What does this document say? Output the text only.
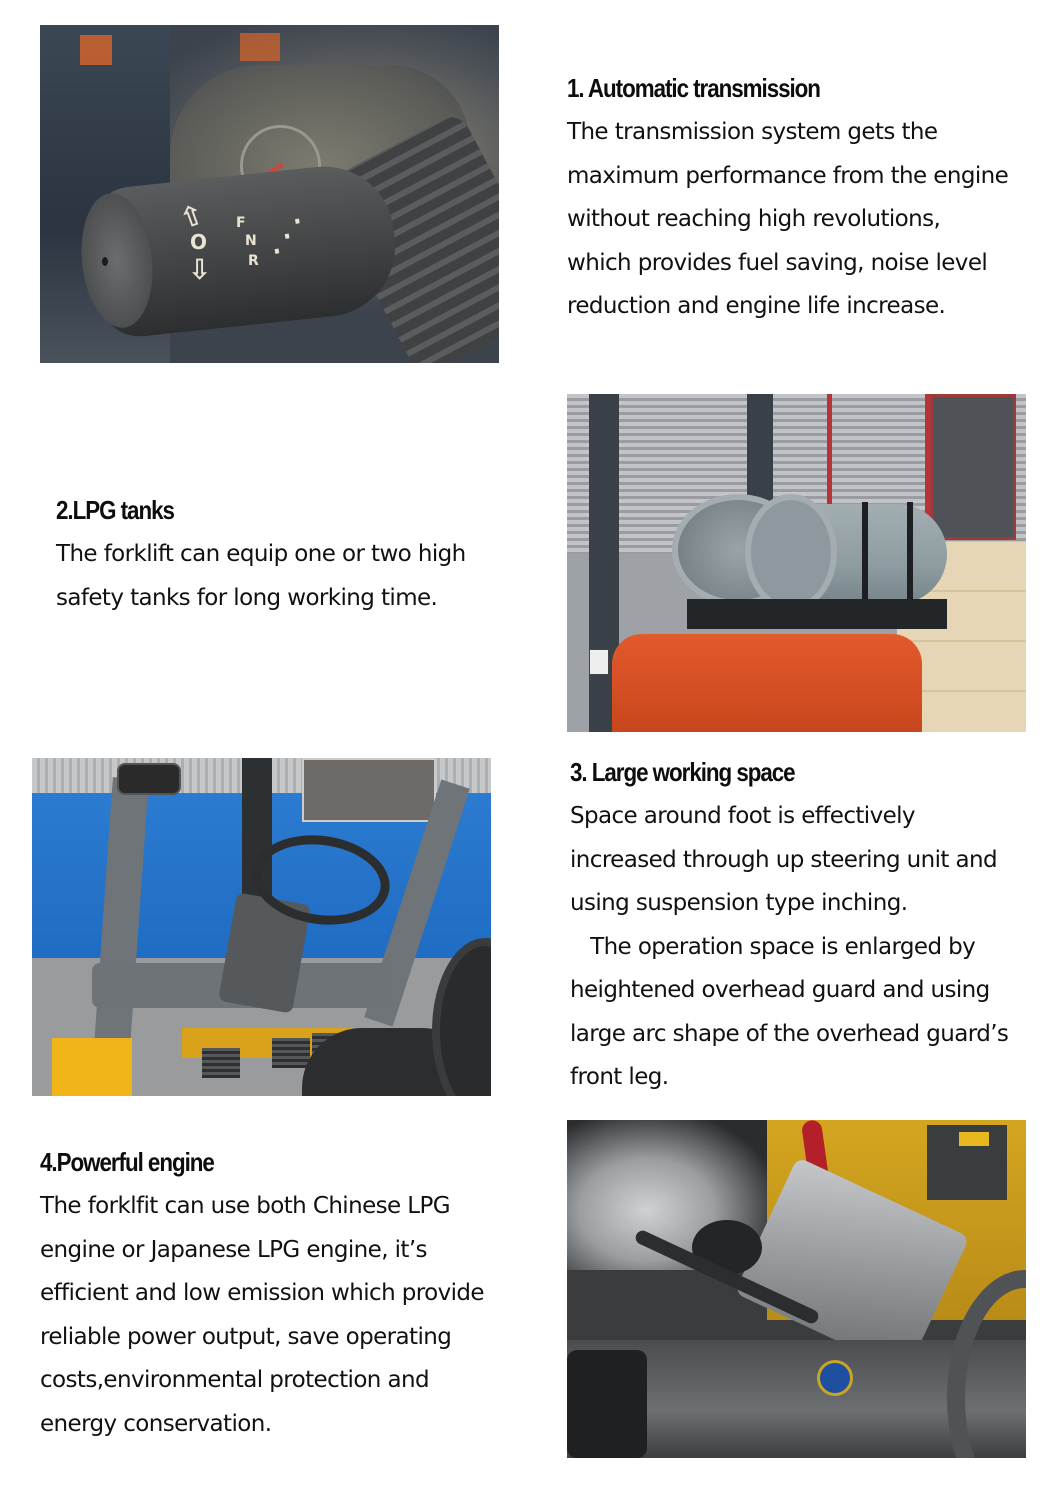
⇧
O
⇩
F
N
R
⋰
1. Automatic transmission
The transmission system gets the
maximum performance from the engine
without reaching high revolutions,
which provides fuel saving, noise level
reduction and engine life increase.
2.LPG tanks
The forklift can equip one or two high
safety tanks for long working time.
3. Large working space
Space around foot is effectively
increased through up steering unit and
using suspension type inching.
The operation space is enlarged by
heightened overhead guard and using
large arc shape of the overhead guard’s
front leg.
4.Powerful engine
The forklfit can use both Chinese LPG
engine or Japanese LPG engine, it’s
efficient and low emission which provide
reliable power output, save operating
costs,environmental protection and
energy conservation.
